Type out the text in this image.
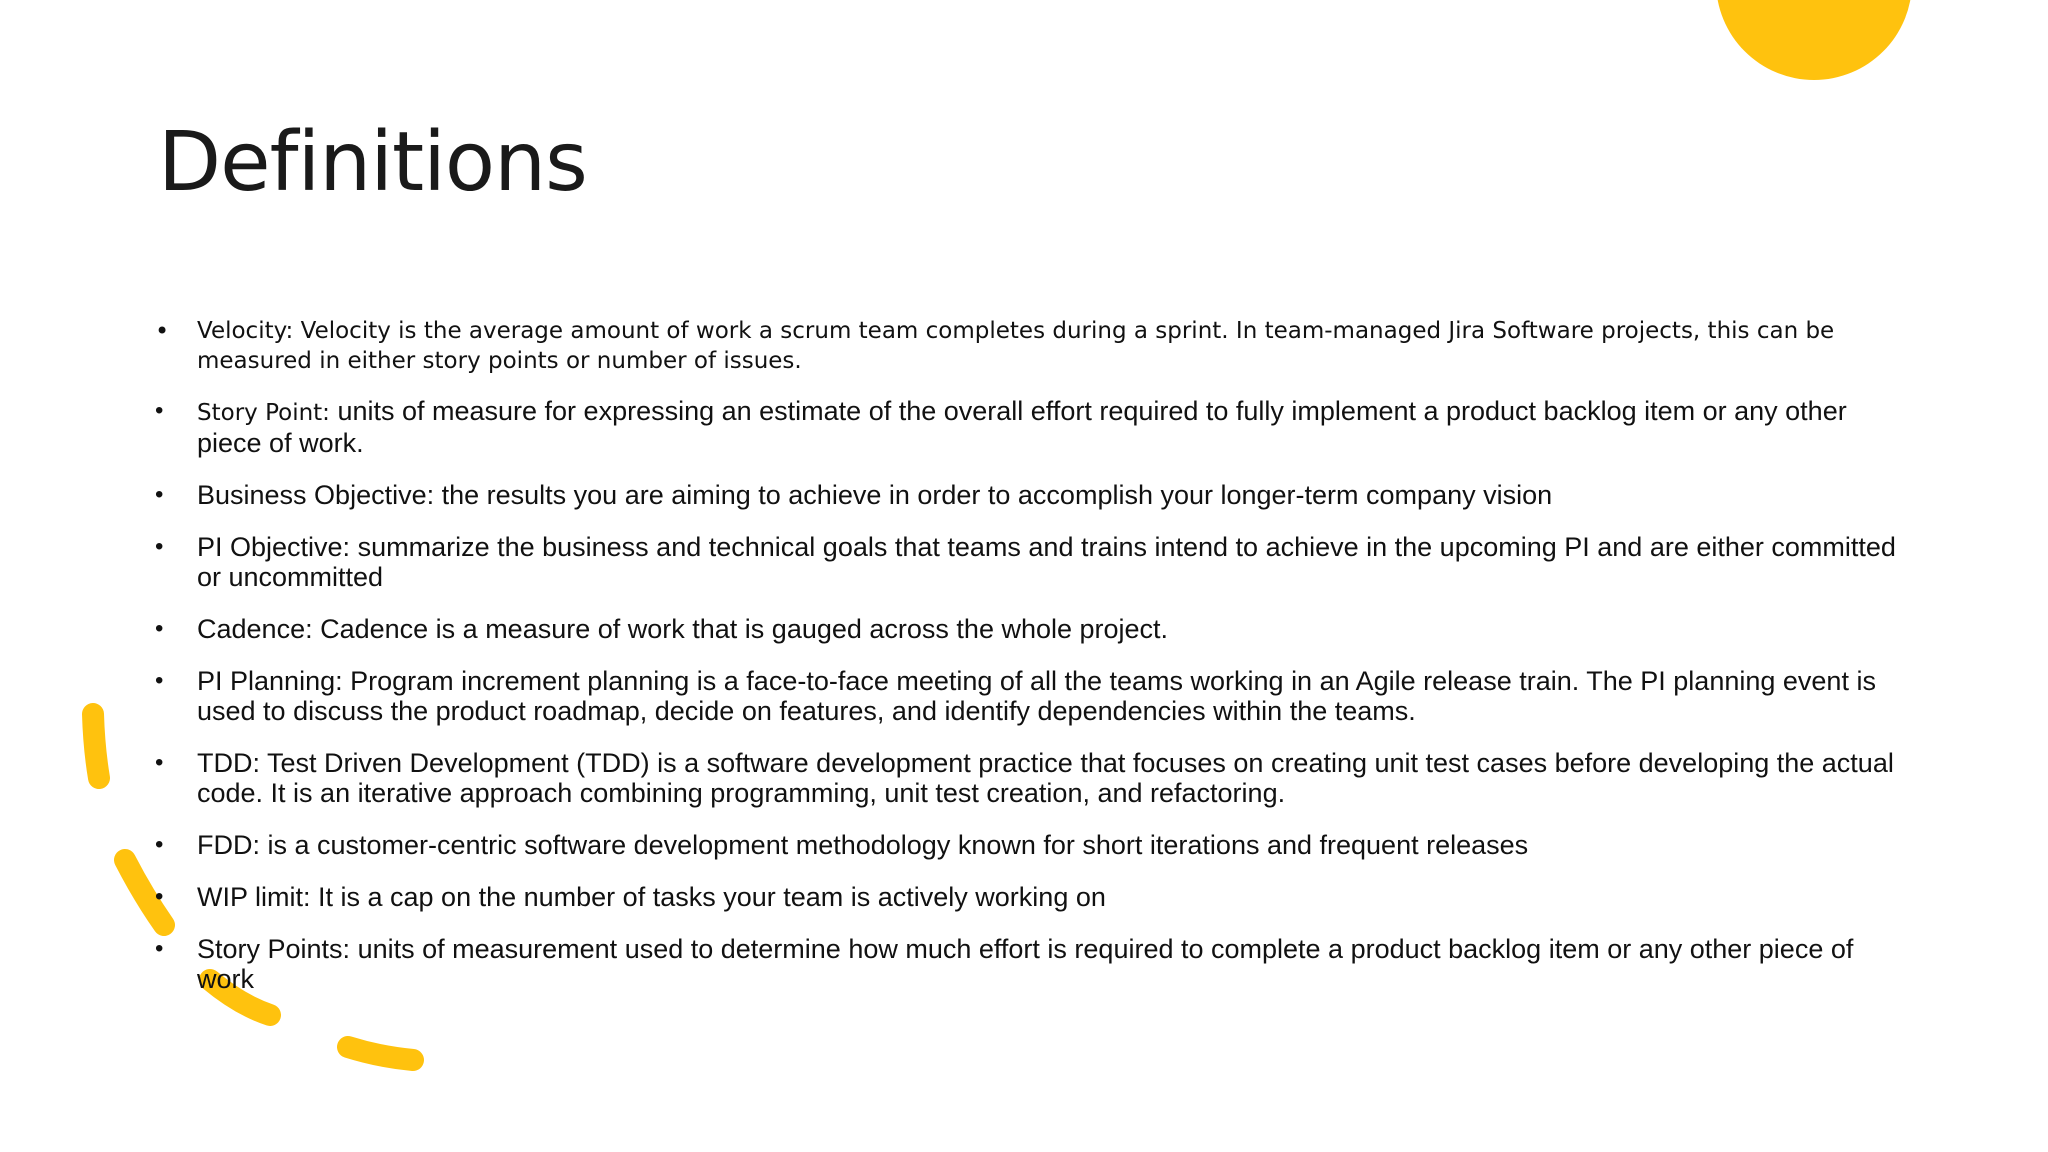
Definitions
• Velocity: Velocity is the average amount of work a scrum team completes during a sprint. In team-managed Jira Software projects, this can be measured in either story points or number of issues.
• Story Point: units of measure for expressing an estimate of the overall effort required to fully implement a product backlog item or any other piece of work.
• Business Objective: the results you are aiming to achieve in order to accomplish your longer-term company vision
• PI Objective: summarize the business and technical goals that teams and trains intend to achieve in the upcoming PI and are either committed or uncommitted
• Cadence: Cadence is a measure of work that is gauged across the whole project.
• PI Planning: Program increment planning is a face-to-face meeting of all the teams working in an Agile release train. The PI planning event is used to discuss the product roadmap, decide on features, and identify dependencies within the teams.
• TDD: Test Driven Development (TDD) is a software development practice that focuses on creating unit test cases before developing the actual code. It is an iterative approach combining programming, unit test creation, and refactoring.
• FDD: is a customer-centric software development methodology known for short iterations and frequent releases
• WIP limit: It is a cap on the number of tasks your team is actively working on
• Story Points: units of measurement used to determine how much effort is required to complete a product backlog item or any other piece of work
